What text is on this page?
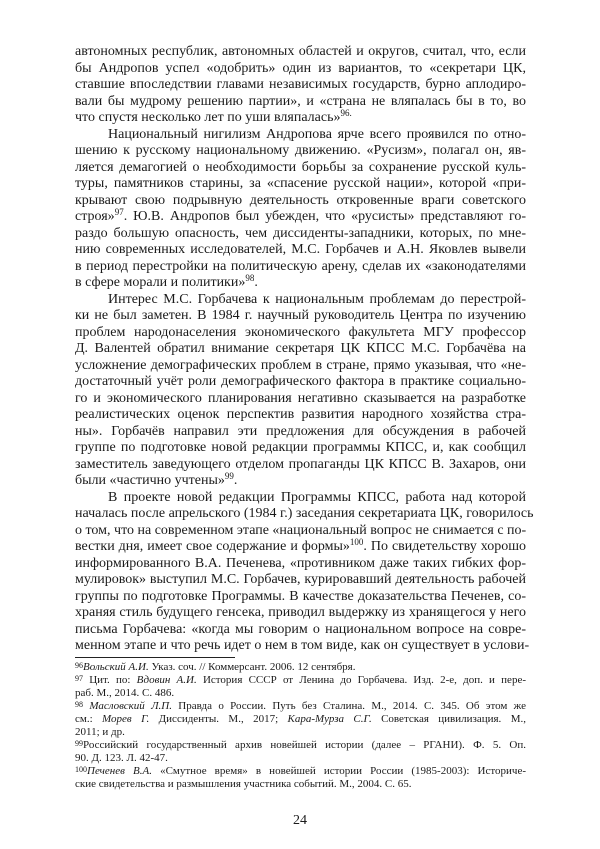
автономных республик, автономных областей и округов, считал, что, если
бы Андропов успел «одобрить» один из вариантов, то «секретари ЦК,
ставшие впоследствии главами независимых государств, бурно аплодиро-
вали бы мудрому решению партии», и «страна не вляпалась бы в то, во
что спустя несколько лет по уши вляпалась»$^{96.}$
Национальный нигилизм Андропова ярче всего проявился по отно-
шению к русскому национальному движению. «Русизм», полагал он, яв-
ляется демагогией о необходимости борьбы за сохранение русской куль-
туры, памятников старины, за «спасение русской нации», которой «при-
крывают свою подрывную деятельность откровенные враги советского
строя»$^{97}$. Ю.В. Андропов был убежден, что «русисты» представляют го-
раздо большую опасность, чем диссиденты-западники, которых, по мне-
нию современных исследователей, М.С. Горбачев и А.Н. Яковлев вывели
в период перестройки на политическую арену, сделав их «законодателями
в сфере морали и политики»$^{98}$.
Интерес М.С. Горбачева к национальным проблемам до перестрой-
ки не был заметен. В 1984 г. научный руководитель Центра по изучению
проблем народонаселения экономического факультета МГУ профессор
Д. Валентей обратил внимание секретаря ЦК КПСС М.С. Горбачёва на
усложнение демографических проблем в стране, прямо указывая, что «не-
достаточный учёт роли демографического фактора в практике социально-
го и экономического планирования негативно сказывается на разработке
реалистических оценок перспектив развития народного хозяйства стра-
ны». Горбачёв направил эти предложения для обсуждения в рабочей
группе по подготовке новой редакции программы КПСС, и, как сообщил
заместитель заведующего отделом пропаганды ЦК КПСС В. Захаров, они
были «частично учтены»$^{99}$.
В проекте новой редакции Программы КПСС, работа над которой
началась после апрельского (1984 г.) заседания секретариата ЦК, говорилось
о том, что на современном этапе «национальный вопрос не снимается с по-
вестки дня, имеет свое содержание и формы»$^{100}$. По свидетельству хорошо
информированного В.А. Печенева, «противником даже таких гибких фор-
мулировок» выступил М.С. Горбачев, курировавший деятельность рабочей
группы по подготовке Программы. В качестве доказательства Печенев, со-
храняя стиль будущего генсека, приводил выдержку из хранящегося у него
письма Горбачева: «когда мы говорим о национальном вопросе на совре-
менном этапе и что речь идет о нем в том виде, как он существует в услови-
$^{96}$Вольский А.И. Указ. соч. // Коммерсант. 2006. 12 сентября.
$^{97}$ Цит. по: Вдовин А.И. История СССР от Ленина до Горбачева. Изд. 2-е, доп. и пере-
раб. М., 2014. С. 486.
$^{98}$ Масловский Л.П. Правда о России. Путь без Сталина. М., 2014. С. 345. Об этом же
см.: Морев Г. Диссиденты. М., 2017; Кара-Мурза С.Г. Советская цивилизация. М.,
2011; и др.
$^{99}$Российский государственный архив новейшей истории (далее – РГАНИ). Ф. 5. Оп.
90. Д. 123. Л. 42-47.
$^{100}$Печенев В.А. «Смутное время» в новейшей истории России (1985-2003): Историче-
ские свидетельства и размышления участника событий. М., 2004. С. 65.
24
